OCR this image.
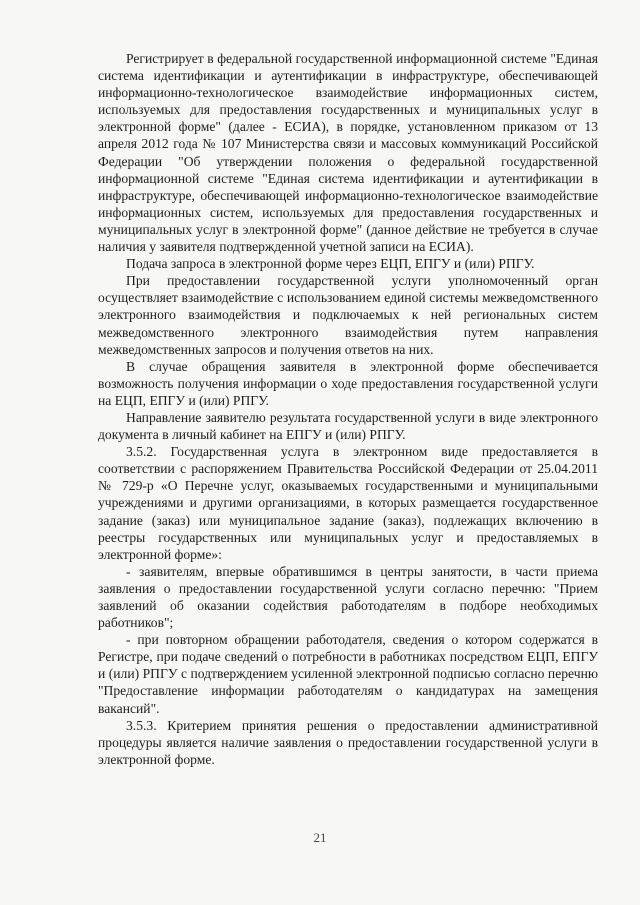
Регистрирует в федеральной государственной информационной системе "Единая система идентификации и аутентификации в инфраструктуре, обеспечивающей информационно-технологическое взаимодействие информационных систем, используемых для предоставления государственных и муниципальных услуг в электронной форме" (далее - ЕСИА), в порядке, установленном приказом от 13 апреля 2012 года № 107 Министерства связи и массовых коммуникаций Российской Федерации "Об утверждении положения о федеральной государственной информационной системе "Единая система идентификации и аутентификации в инфраструктуре, обеспечивающей информационно-технологическое взаимодействие информационных систем, используемых для предоставления государственных и муниципальных услуг в электронной форме" (данное действие не требуется в случае наличия у заявителя подтвержденной учетной записи на ЕСИА).

Подача запроса в электронной форме через ЕЦП, ЕПГУ и (или) РПГУ.

При предоставлении государственной услуги уполномоченный орган осуществляет взаимодействие с использованием единой системы межведомственного электронного взаимодействия и подключаемых к ней региональных систем межведомственного электронного взаимодействия путем направления межведомственных запросов и получения ответов на них.

В случае обращения заявителя в электронной форме обеспечивается возможность получения информации о ходе предоставления государственной услуги на ЕЦП, ЕПГУ и (или) РПГУ.

Направление заявителю результата государственной услуги в виде электронного документа в личный кабинет на ЕПГУ и (или) РПГУ.

3.5.2. Государственная услуга в электронном виде предоставляется в соответствии с распоряжением Правительства Российской Федерации от 25.04.2011 № 729-р «О Перечне услуг, оказываемых государственными и муниципальными учреждениями и другими организациями, в которых размещается государственное задание (заказ) или муниципальное задание (заказ), подлежащих включению в реестры государственных или муниципальных услуг и предоставляемых в электронной форме»:

- заявителям, впервые обратившимся в центры занятости, в части приема заявления о предоставлении государственной услуги согласно перечню: "Прием заявлений об оказании содействия работодателям в подборе необходимых работников";

- при повторном обращении работодателя, сведения о котором содержатся в Регистре, при подаче сведений о потребности в работниках посредством ЕЦП, ЕПГУ и (или) РПГУ с подтверждением усиленной электронной подписью согласно перечню "Предоставление информации работодателям о кандидатурах на замещения вакансий".

3.5.3. Критерием принятия решения о предоставлении административной процедуры является наличие заявления о предоставлении государственной услуги в электронной форме.

21
